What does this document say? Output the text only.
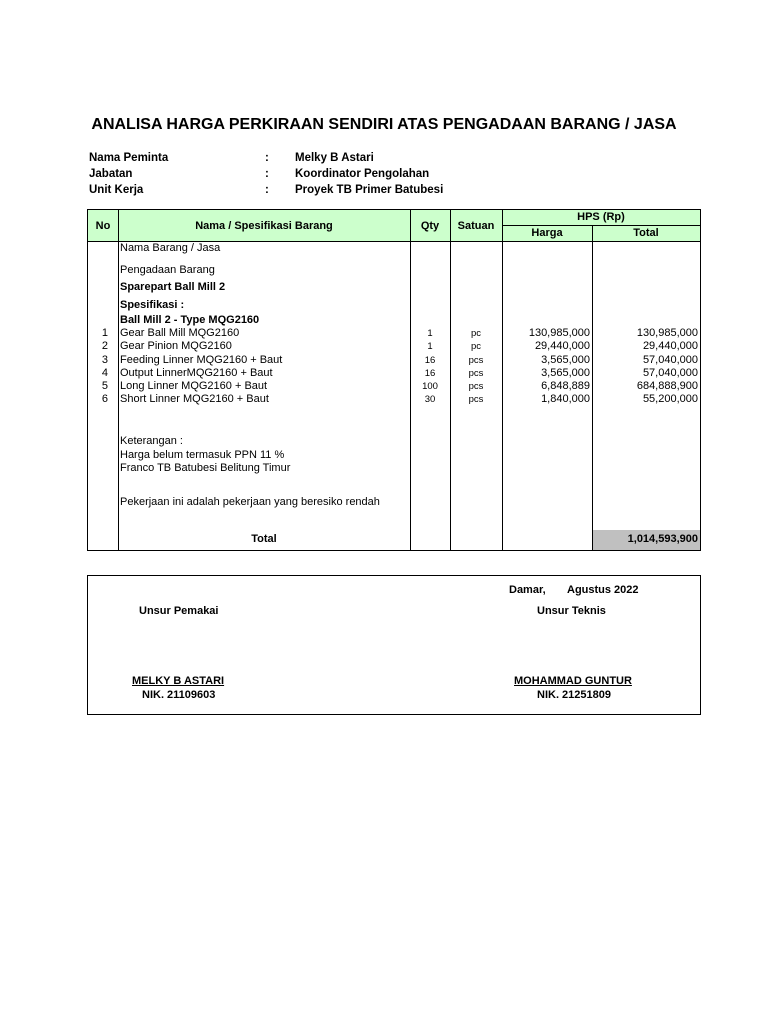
ANALISA HARGA PERKIRAAN SENDIRI ATAS PENGADAAN BARANG / JASA
Nama Peminta	: Melky B Astari
Jabatan	: Koordinator Pengolahan
Unit Kerja	: Proyek TB Primer Batubesi
No	Nama / Spesifikasi Barang	Qty	Satuan
HPS (Rp)
Harga	Total
Nama Barang / Jasa
Pengadaan Barang
Sparepart Ball Mill 2
Spesifikasi :
Ball Mill 2 - Type MQG2160
1 Gear Ball Mill MQG2160	1	pc	130,985,000	130,985,000
2 Gear Pinion MQG2160	1	pc	29,440,000	29,440,000
3 Feeding Linner MQG2160 + Baut	16	pcs	3,565,000	57,040,000
4 Output LinnerMQG2160 + Baut	16	pcs	3,565,000	57,040,000
5 Long Linner MQG2160 + Baut	100	pcs	6,848,889	684,888,900
6 Short Linner MQG2160 + Baut	30	pcs	1,840,000	55,200,000
Keterangan :
Harga belum termasuk PPN 11 %
Franco TB Batubesi Belitung Timur
Pekerjaan ini adalah pekerjaan yang beresiko rendah
Total	1,014,593,900
Damar, Agustus 2022
Unsur Pemakai	Unsur Teknis
MELKY B ASTARI
NIK. 21109603
MOHAMMAD GUNTUR
NIK. 21251809
